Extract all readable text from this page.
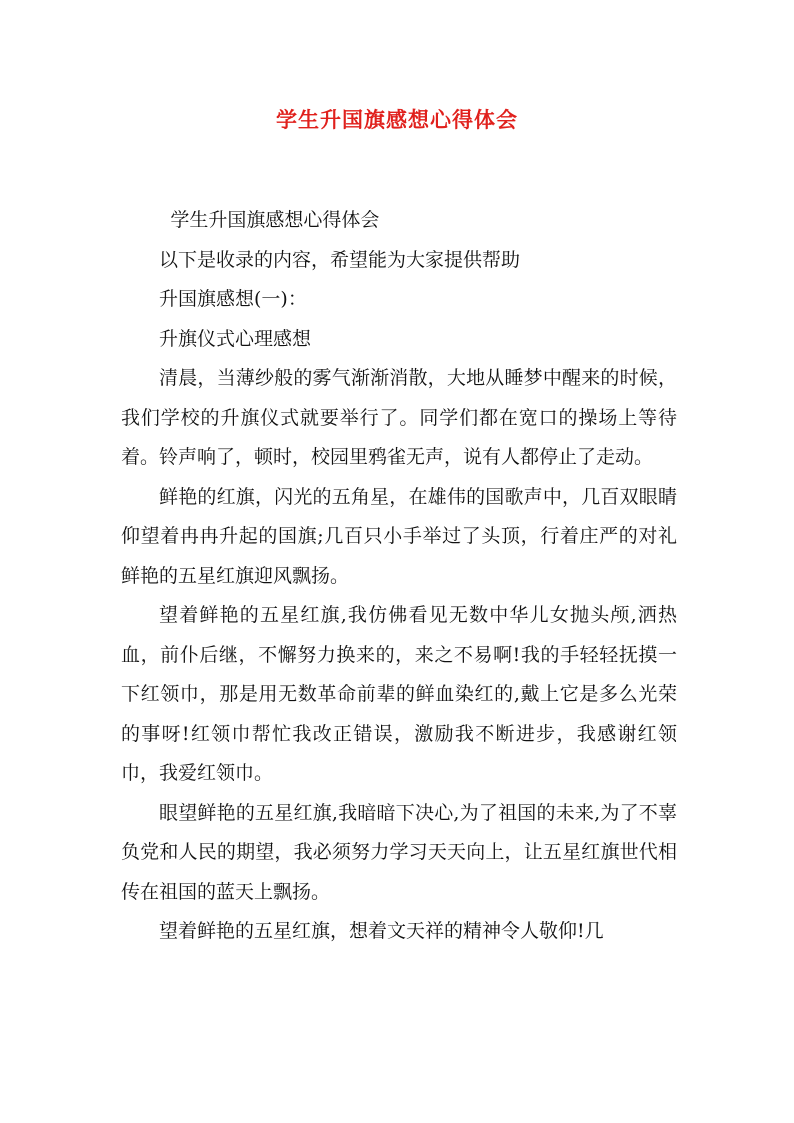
学生升国旗感想心得体会

学生升国旗感想心得体会

以下是收录的内容，希望能为大家提供帮助

升国旗感想(一)：

升旗仪式心理感想

清晨，当薄纱般的雾气渐渐消散，大地从睡梦中醒来的时候，我们学校的升旗仪式就要举行了。同学们都在宽口的操场上等待着。铃声响了，顿时，校园里鸦雀无声，说有人都停止了走动。

鲜艳的红旗，闪光的五角星，在雄伟的国歌声中，几百双眼睛仰望着冉冉升起的国旗;几百只小手举过了头顶，行着庄严的对礼鲜艳的五星红旗迎风飘扬。

望着鲜艳的五星红旗,我仿佛看见无数中华儿女抛头颅,洒热血，前仆后继，不懈努力换来的，来之不易啊!我的手轻轻抚摸一下红领巾，那是用无数革命前辈的鲜血染红的,戴上它是多么光荣的事呀!红领巾帮忙我改正错误，激励我不断进步，我感谢红领巾，我爱红领巾。

眼望鲜艳的五星红旗,我暗暗下决心,为了祖国的未来,为了不辜负党和人民的期望，我必须努力学习天天向上，让五星红旗世代相传在祖国的蓝天上飘扬。

望着鲜艳的五星红旗，想着文天祥的精神令人敬仰!几
